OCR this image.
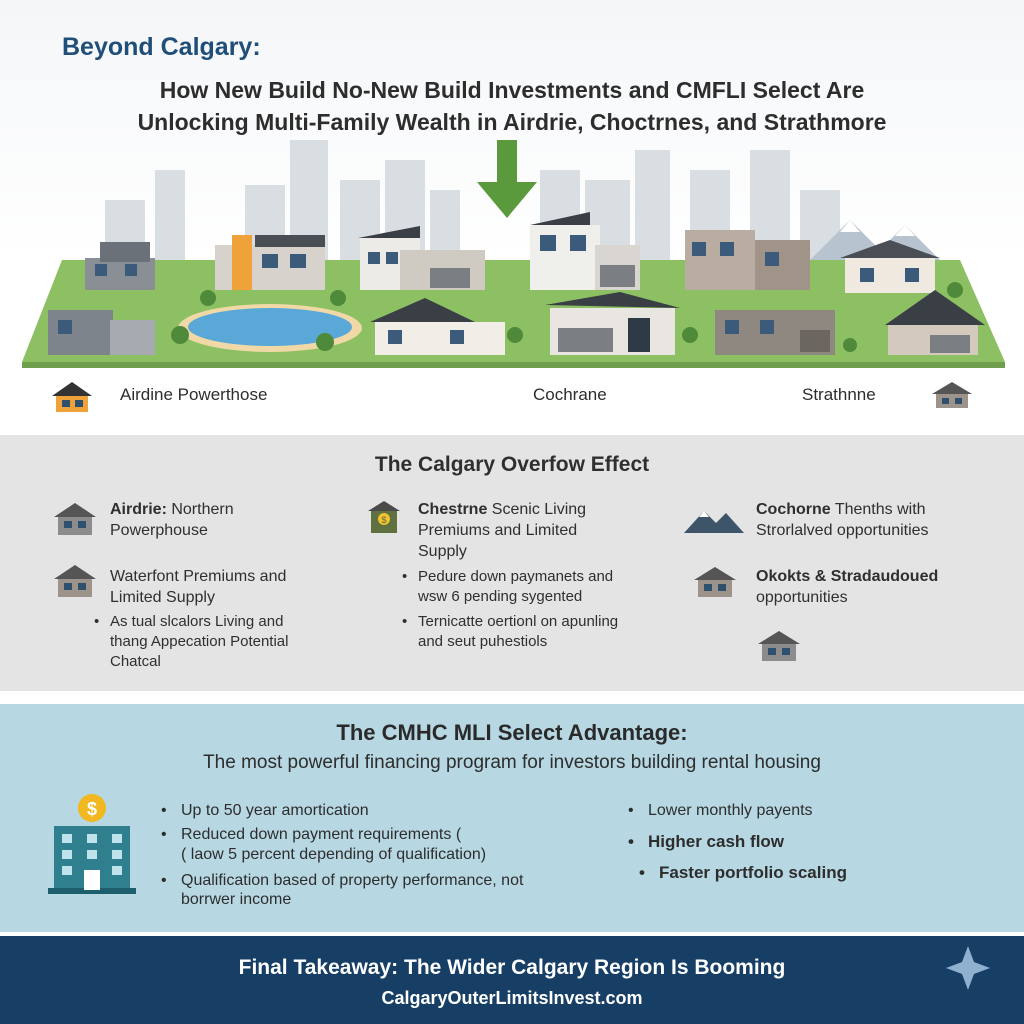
Beyond Calgary:
How New Build No-New Build Investments and CMFLI Select Are
Unlocking Multi-Family Wealth in Airdrie, Choctrnes, and Strathmore
Airdine Powerthose	Cochrane	Strathnne
The Calgary Overfow Effect
Airdrie: Northern Powerphouse
Waterfont Premiums and Limited Supply
• As tual slcalors Living and thang Appecation Potential Chatcal
$
Chestrne Scenic Living Premiums and Limited Supply
• Pedure down paymanets and wsw 6 pending sygented
• Ternicatte oertionl on apunling and seut puhestiols
Cochorne Thenths with Strorlalved opportunities
Okokts & Stradaudoued opportunities
The CMHC MLI Select Advantage:
The most powerful financing program for investors building rental housing
$
•	Up to 50 year amortication
• Reduced down payment requirements (
( laow 5 percent depending of qualification)
• Qualification based of property performance, not
borrwer income
• Lower monthly payents
• Higher cash flow
• Faster portfolio scaling
Final Takeaway: The Wider Calgary Region Is Booming
CalgaryOuterLimitsInvest.com
